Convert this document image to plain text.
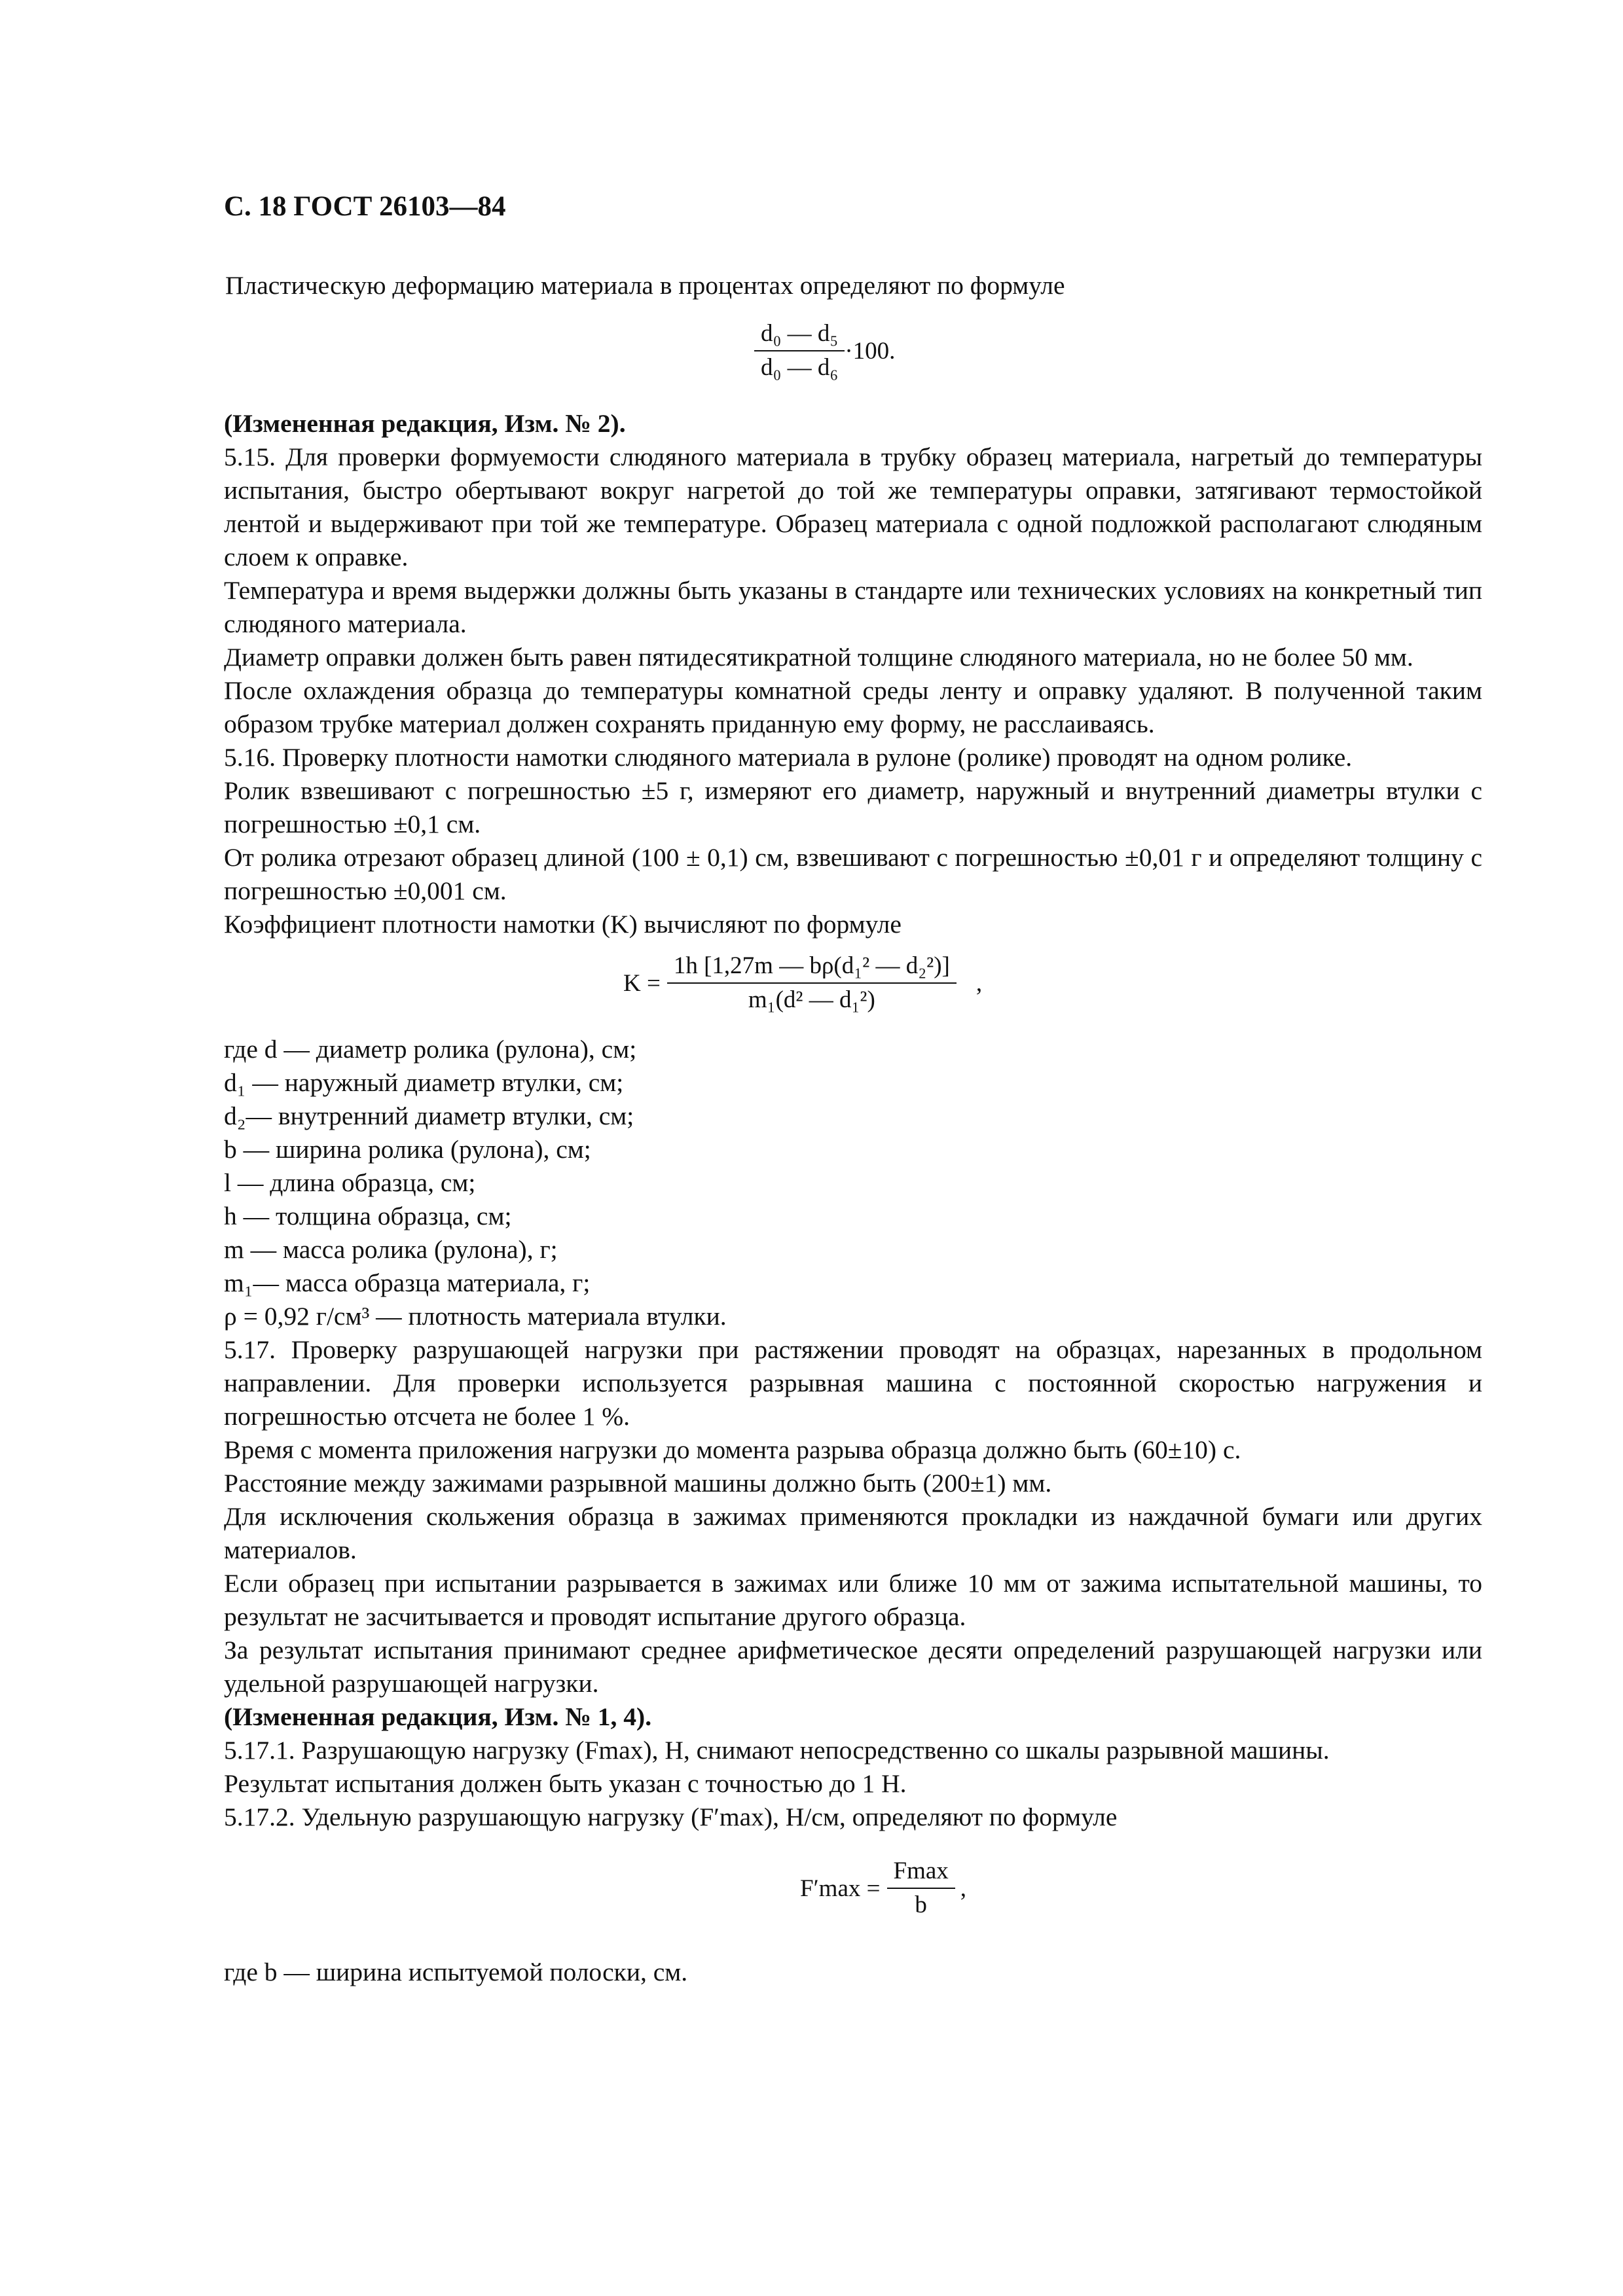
С. 18 ГОСТ 26103—84

Пластическую деформацию материала в процентах определяют по формуле

$\frac{\text{d₀ — d₅}}{\text{d₀ — d₆}} \cdot 100$.

(Измененная редакция, Изм. № 2).

5.15. Для проверки формуемости слюдяного материала в трубку образец материала, нагретый до температуры испытания, быстро обертывают вокруг нагретой до той же температуры оправки, затягивают термостойкой лентой и выдерживают при той же температуре. Образец материала с одной подложкой располагают слюдяным слоем к оправке.

Температура и время выдержки должны быть указаны в стандарте или технических условиях на конкретный тип слюдяного материала.

Диаметр оправки должен быть равен пятидесятикратной толщине слюдяного материала, но не более 50 мм.

После охлаждения образца до температуры комнатной среды ленту и оправку удаляют. В полученной таким образом трубке материал должен сохранять приданную ему форму, не расслаиваясь.

5.16. Проверку плотности намотки слюдяного материала в рулоне (ролике) проводят на одном ролике.

Ролик взвешивают с погрешностью ±5 г, измеряют его диаметр, наружный и внутренний диаметры втулки с погрешностью ±0,1 см.

От ролика отрезают образец длиной (100 ± 0,1) см, взвешивают с погрешностью ±0,01 г и определяют толщину с погрешностью ±0,001 см.

Коэффициент плотности намотки (K) вычисляют по формуле

$K = \frac{\text{1h [1,27m — bρ(d₁² — d₂²)]}}{\text{m₁(d² — d₁²)}}$ ,
где d — диаметр ролика (рулона), см;
d₁ — наружный диаметр втулки, см;
d₂— внутренний диаметр втулки, см;
b — ширина ролика (рулона), см;
l — длина образца, см;
h — толщина образца, см;
m — масса ролика (рулона), г;
m₁— масса образца материала, г;
ρ = 0,92 г/см³ — плотность материала втулки.

5.17. Проверку разрушающей нагрузки при растяжении проводят на образцах, нарезанных в продольном направлении. Для проверки используется разрывная машина с постоянной скоростью нагружения и погрешностью отсчета не более 1 %.

Время с момента приложения нагрузки до момента разрыва образца должно быть (60±10) с.

Расстояние между зажимами разрывной машины должно быть (200±1) мм.

Для исключения скольжения образца в зажимах применяются прокладки из наждачной бумаги или других материалов.

Если образец при испытании разрывается в зажимах или ближе 10 мм от зажима испытательной машины, то результат не засчитывается и проводят испытание другого образца.

За результат испытания принимают среднее арифметическое десяти определений разрушающей нагрузки или удельной разрушающей нагрузки.

(Измененная редакция, Изм. № 1, 4).

5.17.1. Разрушающую нагрузку (Fmax), Н, снимают непосредственно со шкалы разрывной машины.

Результат испытания должен быть указан с точностью до 1 Н.

5.17.2. Удельную разрушающую нагрузку (F′max), Н/см, определяют по формуле

$F'\max = \frac{Fmax}{b}$ ,

где b — ширина испытуемой полоски, см.
